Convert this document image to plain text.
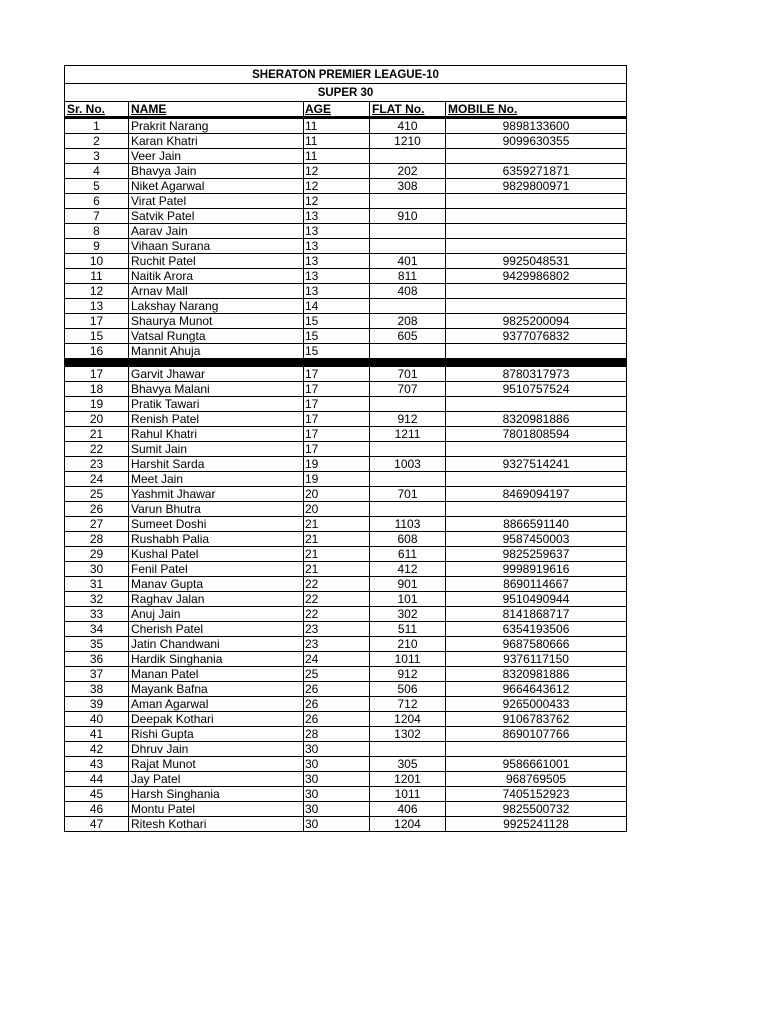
SHERATON PREMIER LEAGUE-10				
SUPER 30				
Sr. No.	NAME	AGE	FLAT No.	MOBILE No.
1	Prakrit Narang	11	410	9898133600
2	Karan Khatri	11	1210	9099630355
3	Veer Jain	11		
4	Bhavya Jain	12	202	6359271871
5	Niket Agarwal	12	308	9829800971
6	Virat Patel	12		
7	Satvik Patel	13	910	
8	Aarav Jain	13		
9	Vihaan Surana	13		
10	Ruchit Patel	13	401	9925048531
11	Naitik Arora	13	811	9429986802
12	Arnav Mall	13	408	
13	Lakshay Narang	14		
17	Shaurya Munot	15	208	9825200094
15	Vatsal Rungta	15	605	9377076832
16	Mannit Ahuja	15		

17	Garvit Jhawar	17	701	8780317973
18	Bhavya Malani	17	707	9510757524
19	Pratik Tawari	17		
20	Renish Patel	17	912	8320981886
21	Rahul Khatri	17	1211	7801808594
22	Sumit Jain	17		
23	Harshit Sarda	19	1003	9327514241
24	Meet Jain	19		
25	Yashmit Jhawar	20	701	8469094197
26	Varun Bhutra	20		
27	Sumeet Doshi	21	1103	8866591140
28	Rushabh Palia	21	608	9587450003
29	Kushal Patel	21	611	9825259637
30	Fenil Patel	21	412	9998919616
31	Manav Gupta	22	901	8690114667
32	Raghav Jalan	22	101	9510490944
33	Anuj Jain	22	302	8141868717
34	Cherish Patel	23	511	6354193506
35	Jatin Chandwani	23	210	9687580666
36	Hardik Singhania	24	1011	9376117150
37	Manan Patel	25	912	8320981886
38	Mayank Bafna	26	506	9664643612
39	Aman Agarwal	26	712	9265000433
40	Deepak Kothari	26	1204	9106783762
41	Rishi Gupta	28	1302	8690107766
42	Dhruv Jain	30		
43	Rajat Munot	30	305	9586661001
44	Jay Patel	30	1201	968769505
45	Harsh Singhania	30	1011	7405152923
46	Montu Patel	30	406	9825500732
47	Ritesh Kothari	30	1204	9925241128
